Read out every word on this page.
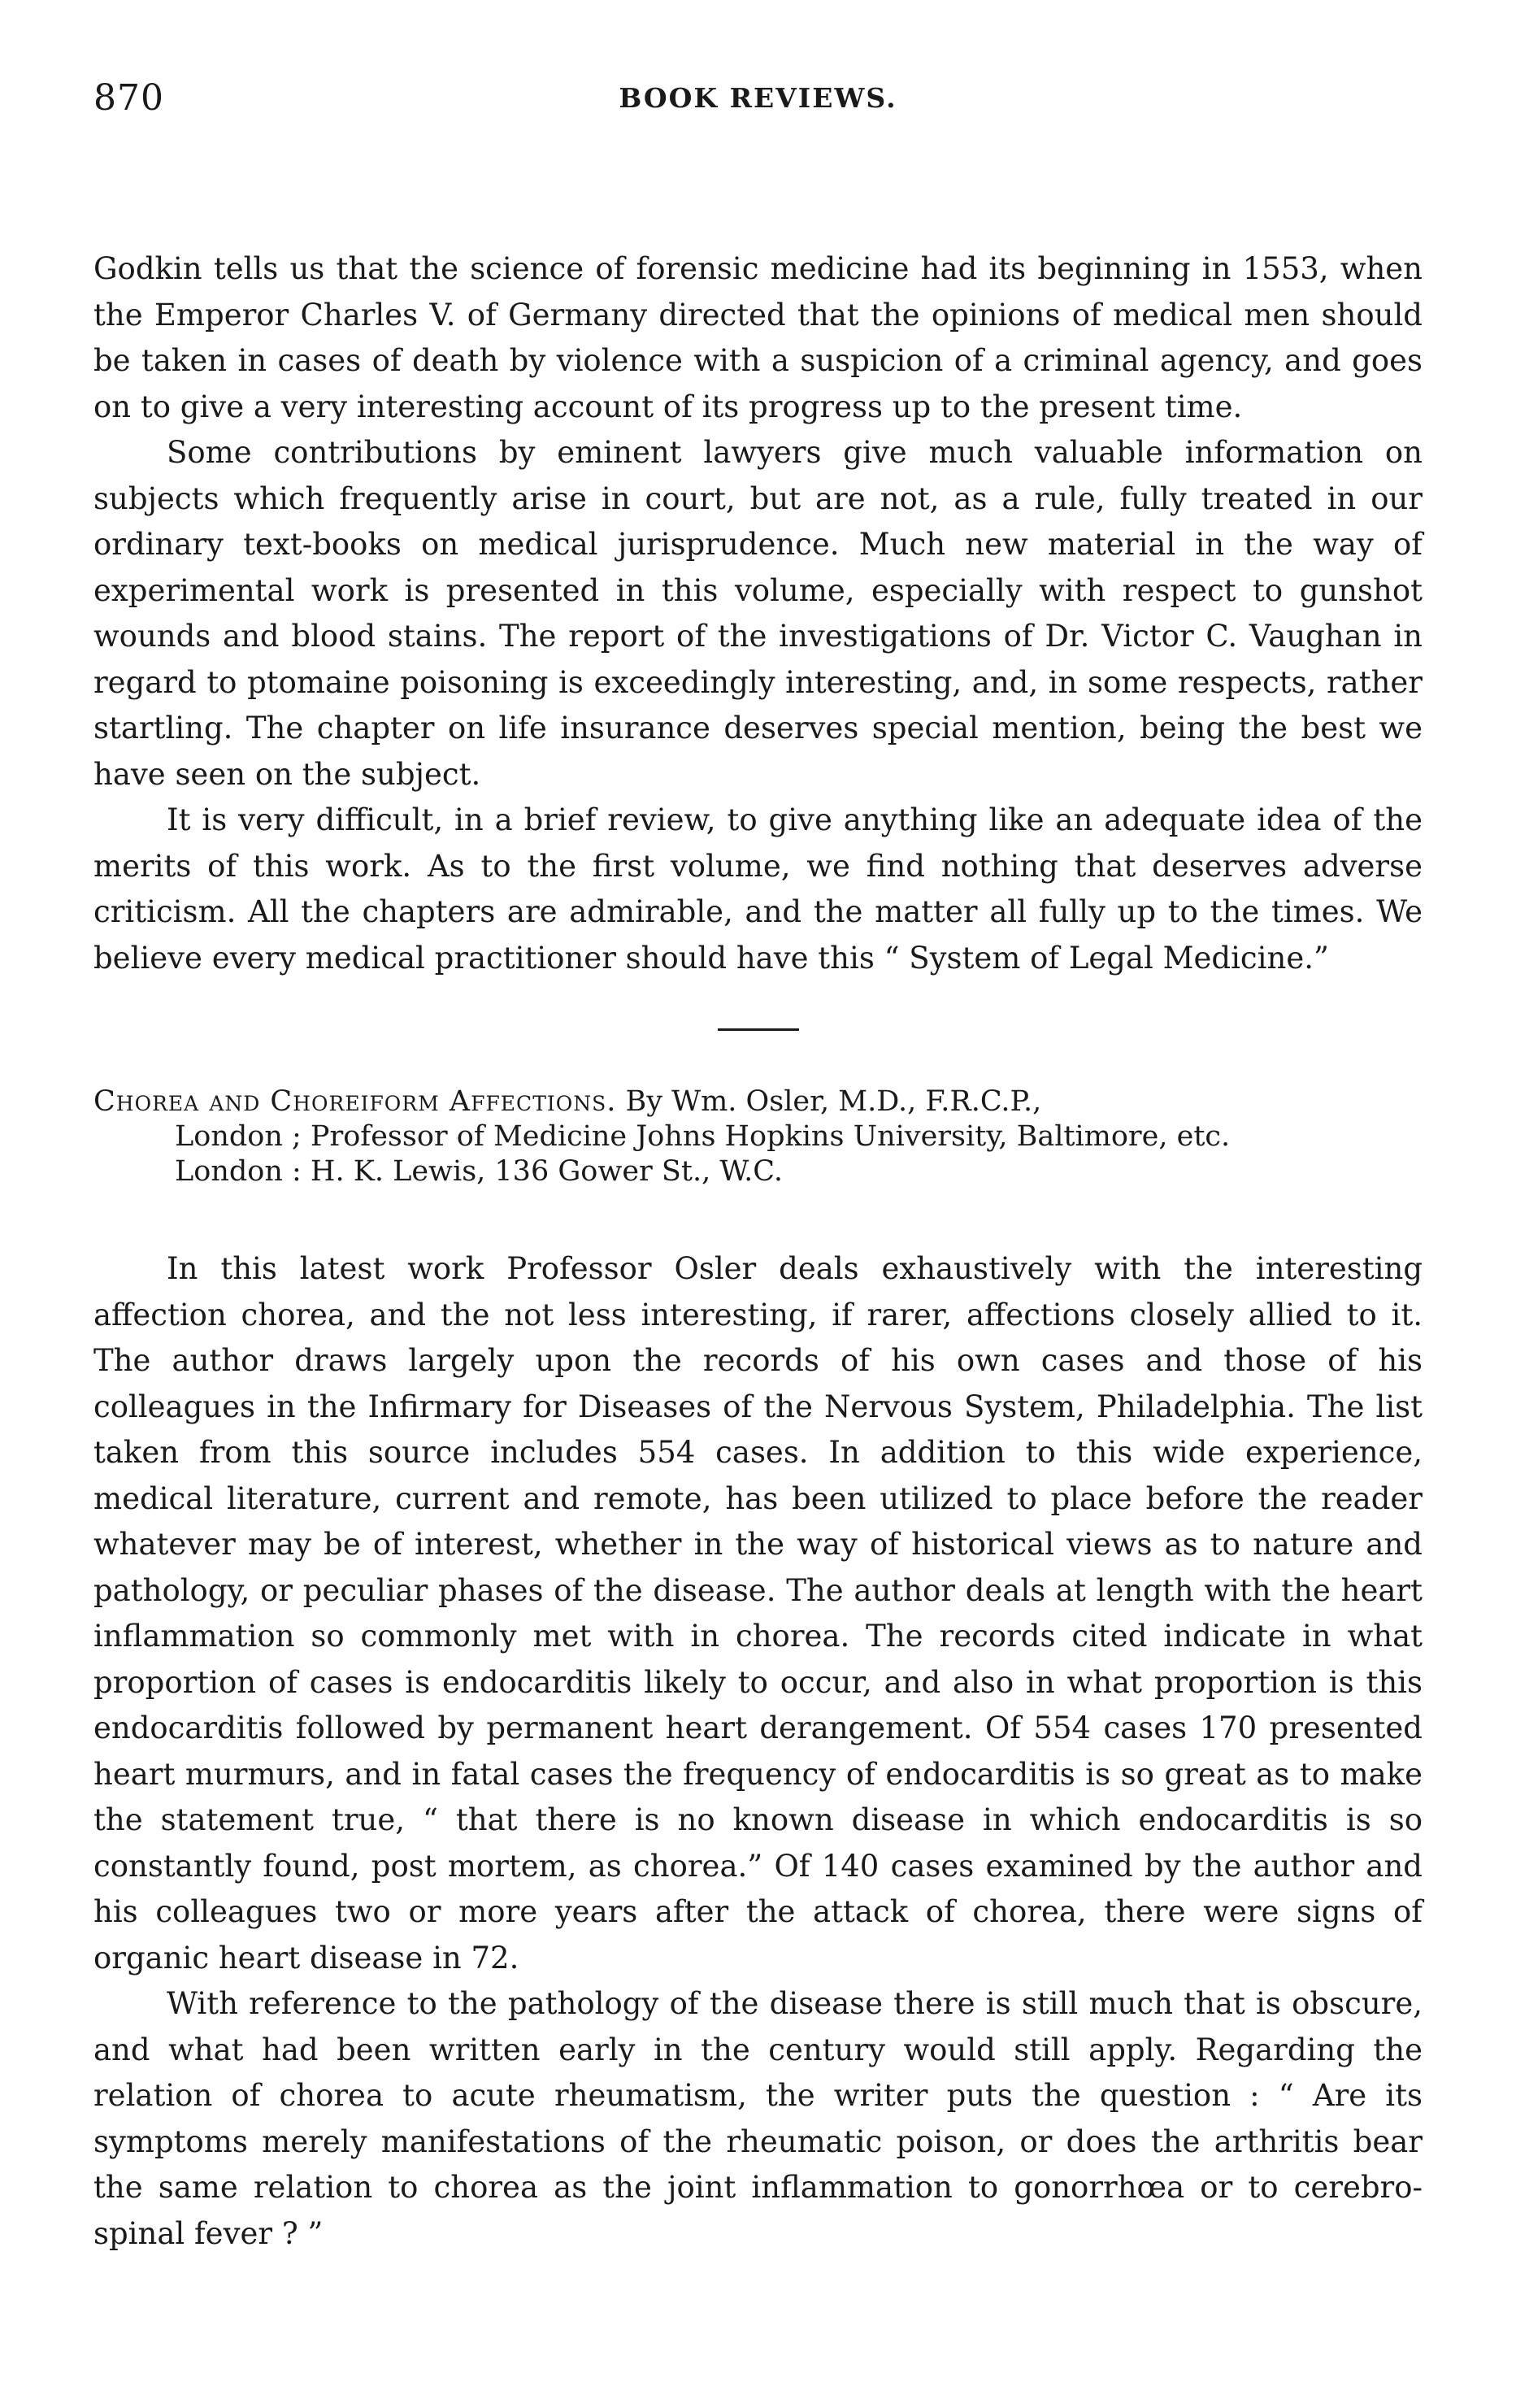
870	BOOK REVIEWS.

Godkin tells us that the science of forensic medicine had its beginning in 1553, when the Emperor Charles V. of Germany directed that the opinions of medical men should be taken in cases of death by violence with a suspicion of a criminal agency, and goes on to give a very interesting account of its progress up to the present time.

Some contributions by eminent lawyers give much valuable information on subjects which frequently arise in court, but are not, as a rule, fully treated in our ordinary text-books on medical jurisprudence. Much new material in the way of experimental work is presented in this volume, especially with respect to gunshot wounds and blood stains. The report of the investigations of Dr. Victor C. Vaughan in regard to ptomaine poisoning is exceedingly interesting, and, in some respects, rather startling. The chapter on life insurance deserves special mention, being the best we have seen on the subject.

It is very difficult, in a brief review, to give anything like an adequate idea of the merits of this work. As to the first volume, we find nothing that deserves adverse criticism. All the chapters are admirable, and the matter all fully up to the times. We believe every medical practitioner should have this “ System of Legal Medicine.”

Chorea and Choreiform Affections. By Wm. Osler, M.D., F.R.C.P.,
London ; Professor of Medicine Johns Hopkins University, Baltimore, etc.
London : H. K. Lewis, 136 Gower St., W.C.

In this latest work Professor Osler deals exhaustively with the interesting affection chorea, and the not less interesting, if rarer, affections closely allied to it. The author draws largely upon the records of his own cases and those of his colleagues in the Infirmary for Diseases of the Nervous System, Philadelphia. The list taken from this source includes 554 cases. In addition to this wide experience, medical literature, current and remote, has been utilized to place before the reader whatever may be of interest, whether in the way of historical views as to nature and pathology, or peculiar phases of the disease. The author deals at length with the heart inflammation so commonly met with in chorea. The records cited indicate in what proportion of cases is endocarditis likely to occur, and also in what proportion is this endocarditis followed by permanent heart derangement. Of 554 cases 170 presented heart murmurs, and in fatal cases the frequency of endocarditis is so great as to make the statement true, “ that there is no known disease in which endocarditis is so constantly found, post mortem, as chorea.” Of 140 cases examined by the author and his colleagues two or more years after the attack of chorea, there were signs of organic heart disease in 72.

With reference to the pathology of the disease there is still much that is obscure, and what had been written early in the century would still apply. Regarding the relation of chorea to acute rheumatism, the writer puts the question : “ Are its symptoms merely manifestations of the rheumatic poison, or does the arthritis bear the same relation to chorea as the joint inflammation to gonorrhœa or to cerebro-spinal fever ? ”
